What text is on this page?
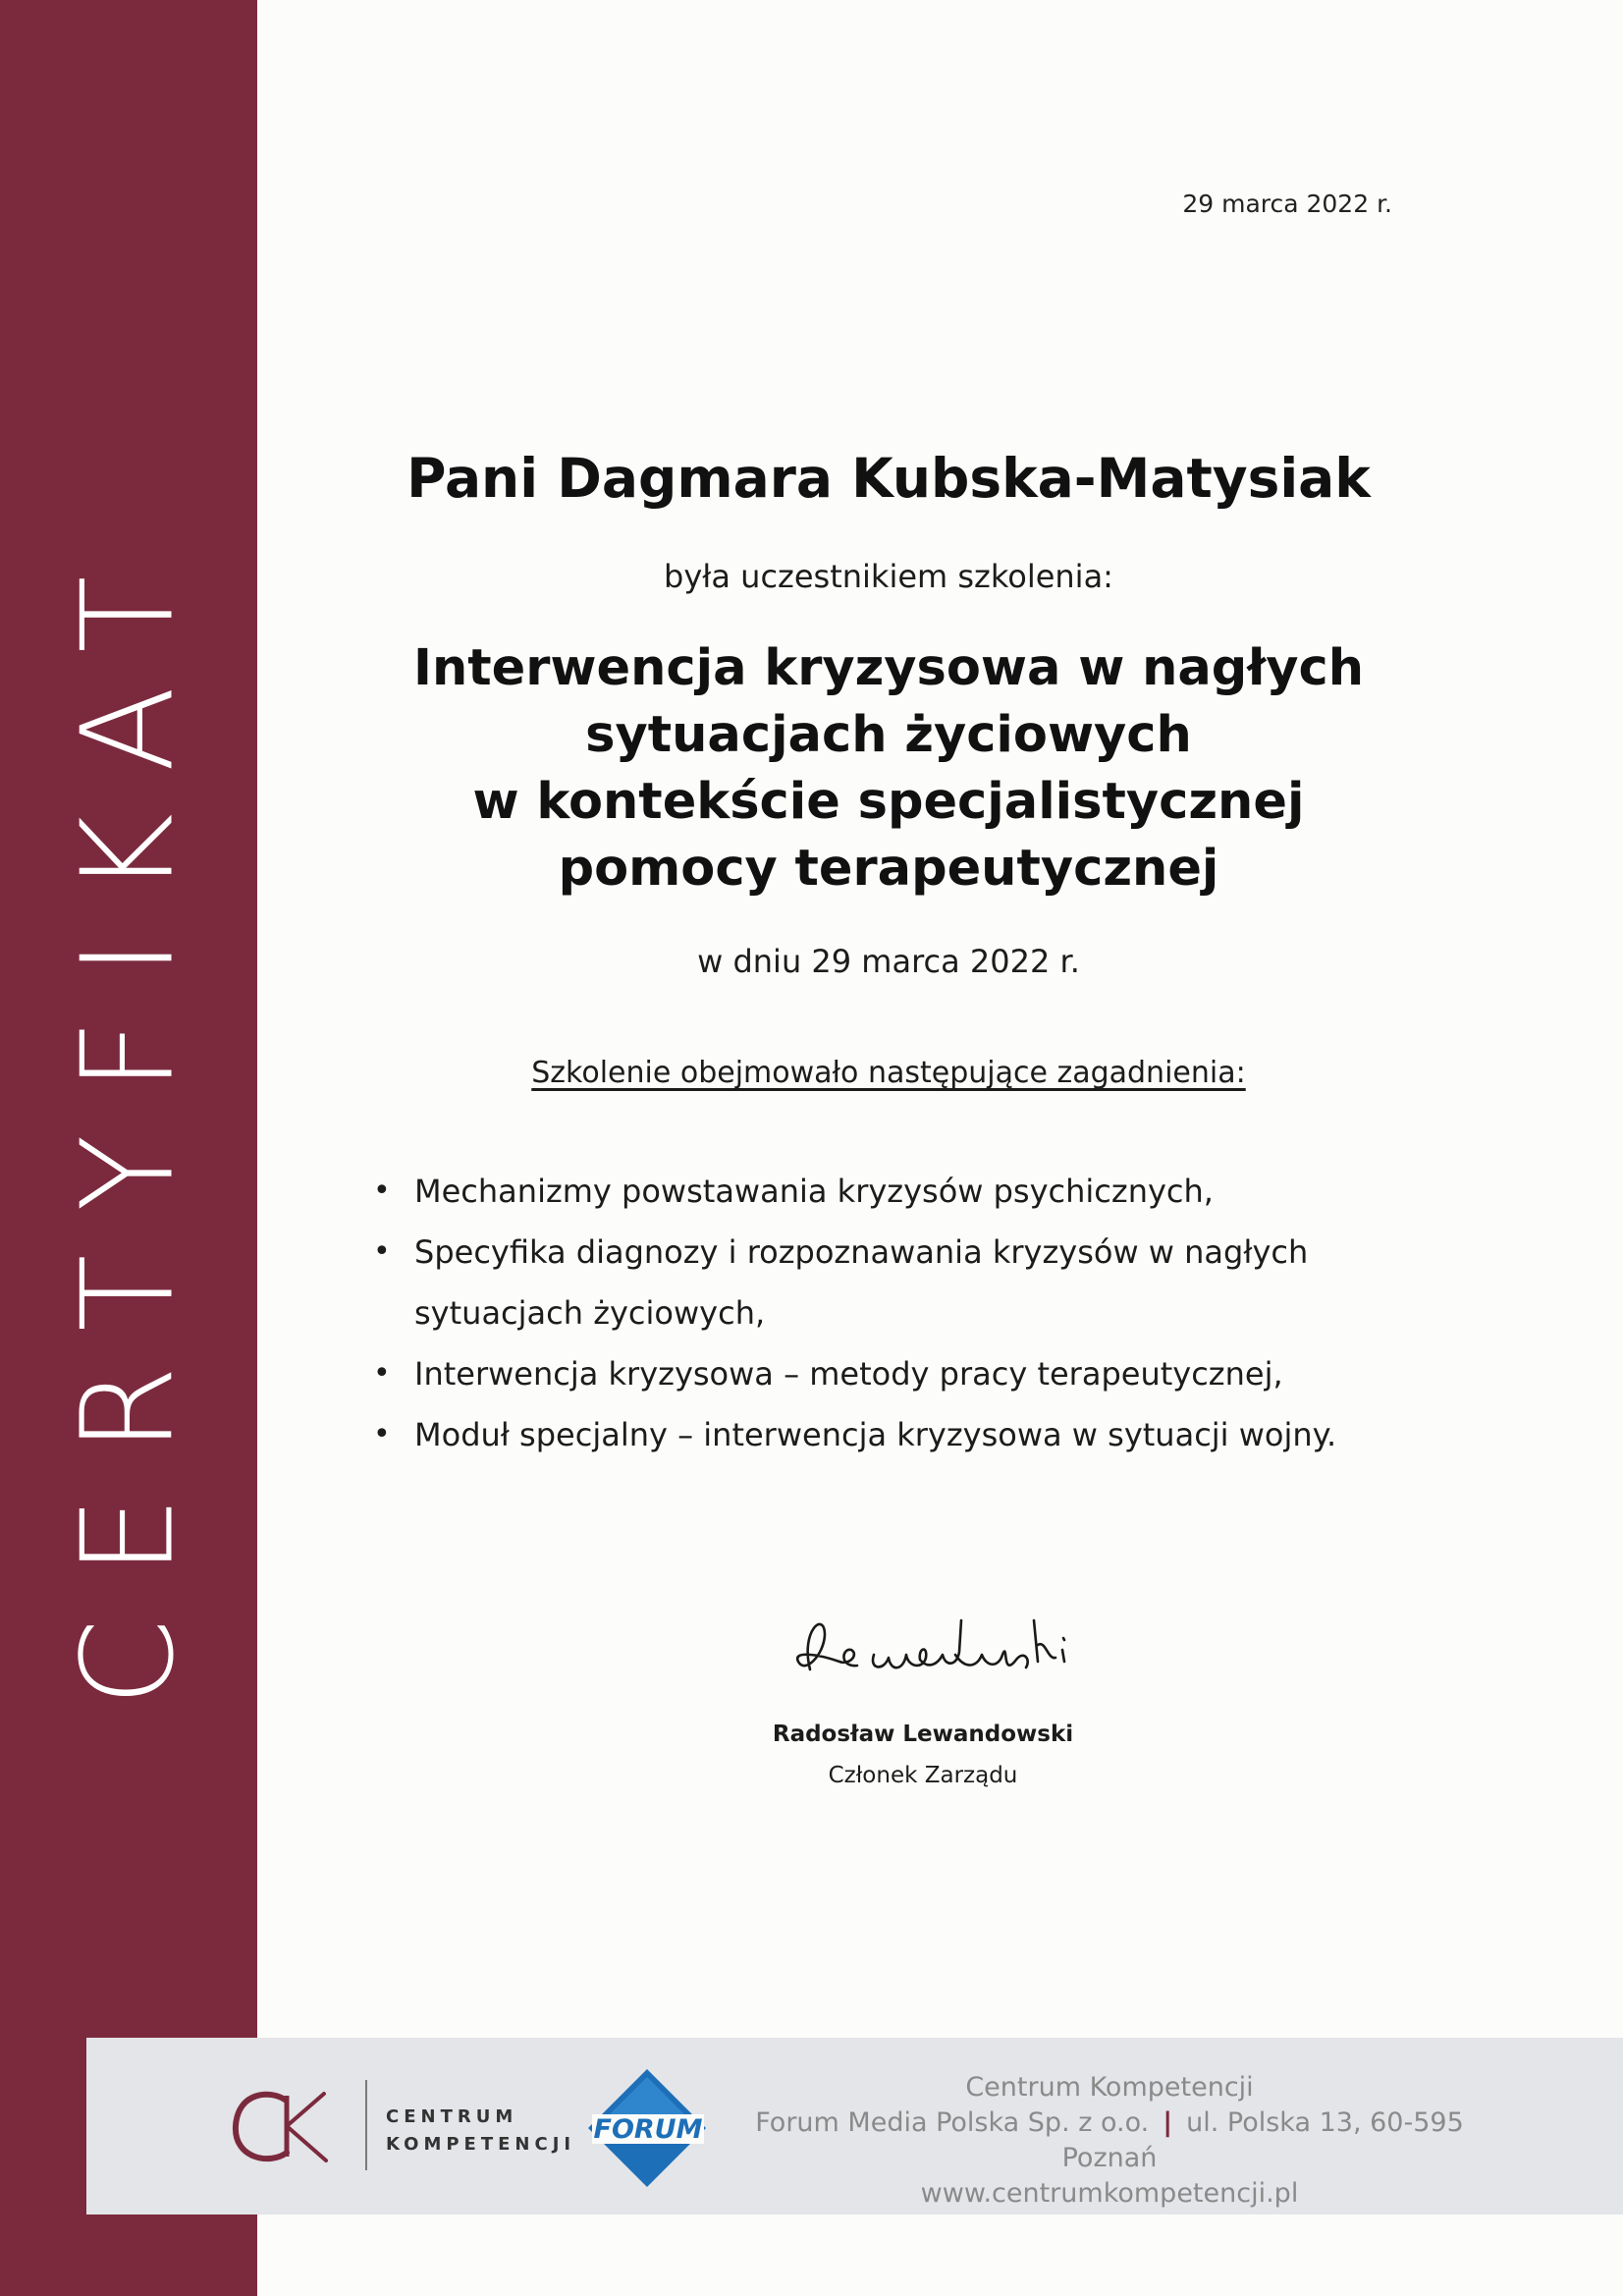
CERTYFIKAT
29 marca 2022 r.
Pani Dagmara Kubska-Matysiak
była uczestnikiem szkolenia:
Interwencja kryzysowa w nagłych
sytuacjach życiowych
w kontekście specjalistycznej
pomocy terapeutycznej
w dniu 29 marca 2022 r.
Szkolenie obejmowało następujące zagadnienia:
• Mechanizmy powstawania kryzysów psychicznych,
• Specyfika diagnozy i rozpoznawania kryzysów w nagłych sytuacjach życiowych,
• Interwencja kryzysowa – metody pracy terapeutycznej,
• Moduł specjalny – interwencja kryzysowa w sytuacji wojny.
Radosław Lewandowski
Członek Zarządu
CENTRUM
KOMPETENCJI FORUM
Centrum Kompetencji
Forum Media Polska Sp. z o.o. | ul. Polska 13, 60-595 Poznań
www.centrumkompetencji.pl
